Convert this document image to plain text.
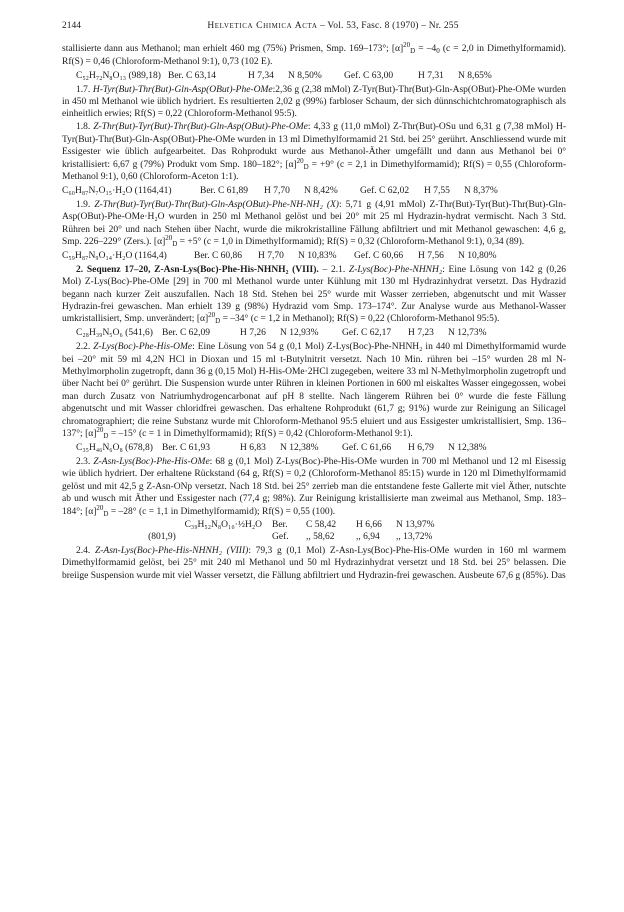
2144	Helvetica Chimica Acta – Vol. 53, Fasc. 8 (1970) – Nr. 255

stallisierte dann aus Methanol; man erhielt 460 mg (75%) Prismen, Smp. 169–173°; $[\alpha]^{20}_D = -4_0$ (c = 2,0 in Dimethylformamid). Rf(S) = 0,46 (Chloroform-Methanol 9:1), 0,73 (102 E).

C₅₂H₇₂N₈O₁₃ (989,18) Ber. C 63,14	H 7,34	N 8,50%	Gef. C 63,00	H 7,31	N 8,65%

1.7. H-Tyr(But)-Thr(But)-Gln-Asp(OBut)-Phe-OMe:2,36 g (2,38 mMol) Z-Tyr(But)-Thr(But)-Gln-Asp(OBut)-Phe-OMe wurden in 450 ml Methanol wie üblich hydriert. Es resultierten 2,02 g (99%) farbloser Schaum, der sich dünnschichtchromatographisch als einheitlich erwies; Rf(S) = 0,22 (Chloroform-Methanol 95:5).

1.8. Z-Thr(But)-Tyr(But)-Thr(But)-Gln-Asp(OBut)-Phe-OMe: 4,33 g (11,0 mMol) Z-Thr(But)-OSu und 6,31 g (7,38 mMol) H-Tyr(But)-Thr(But)-Gln-Asp(OBut)-Phe-OMe wurden in 13 ml Dimethylformamid 21 Std. bei 25° gerührt. Anschliessend wurde mit Essigester wie üblich aufgearbeitet. Das Rohprodukt wurde aus Methanol-Äther umgefällt und dann aus Methanol bei 0° kristallisiert: 6,67 g (79%) Produkt vom Smp. 180–182°; $[\alpha]^{20}_D = +9^\circ$ (c = 2,1 in Dimethylformamid); Rf(S) = 0,55 (Chloroform-Methanol 9:1), 0,60 (Chloroform-Aceton 1:1).

C₆₀H₈₇N₇O₁₅·H₂O (1164,41)	Ber. C 61,89	H 7,70	N 8,42%	Gef. C 62,02	H 7,55	N 8,37%

1.9. Z-Thr(But)-Tyr(But)-Thr(But)-Gln-Asp(OBut)-Phe-NH-NH₂ (X): 5,71 g (4,91 mMol) Z-Thr(But)-Tyr(But)-Thr(But)-Gln-Asp(OBut)-Phe-OMe·H₂O wurden in 250 ml Methanol gelöst und bei 20° mit 25 ml Hydrazin-hydrat vermischt. Nach 3 Std. Rühren bei 20° und nach Stehen über Nacht, wurde die mikrokristalline Fällung abfiltriert und mit Methanol gewaschen: 4,6 g, Smp. 226–229° (Zers.). $[\alpha]^{20}_D = +5^\circ$ (c = 1,0 in Dimethylformamid); Rf(S) = 0,32 (Chloroform-Methanol 9:1), 0,34 (89).

C₅₉H₈₇N₉O₁₄·H₂O (1164,4)	Ber. C 60,86	H 7,70	N 10,83%	Gef. C 60,66	H 7,56	N 10,80%

2. Sequenz 17–20, Z-Asn-Lys(Boc)-Phe-His-NHNH₂ (VIII). – 2.1. Z-Lys(Boc)-Phe-NHNH₂: Eine Lösung von 142 g (0,26 Mol) Z-Lys(Boc)-Phe-OMe [29] in 700 ml Methanol wurde unter Kühlung mit 130 ml Hydrazinhydrat versetzt. Das Hydrazid begann nach kurzer Zeit auszufallen. Nach 18 Std. Stehen bei 25° wurde mit Wasser zerrieben, abgenutscht und mit Wasser Hydrazin-frei gewaschen. Man erhielt 139 g (98%) Hydrazid vom Smp. 173–174°. Zur Analyse wurde aus Methanol-Wasser umkristallisiert, Smp. unverändert; $[\alpha]^{20}_D = -34^\circ$ (c = 1,2 in Methanol); Rf(S) = 0,22 (Chloroform-Methanol 95:5).

C₂₈H₃₉N₅O₆ (541,6) Ber. C 62,09	H 7,26	N 12,93%	Gef. C 62,17	H 7,23	N 12,73%

2.2. Z-Lys(Boc)-Phe-His-OMe: Eine Lösung von 54 g (0,1 Mol) Z-Lys(Boc)-Phe-NHNH₂ in 440 ml Dimethylformamid wurde bei –20° mit 59 ml 4,2N HCl in Dioxan und 15 ml t-Butylnitrit versetzt. Nach 10 Min. rühren bei –15° wurden 28 ml N-Methylmorpholin zugetropft, dann 36 g (0,15 Mol) H-His-OMe·2HCl zugegeben, weitere 33 ml N-Methylmorpholin zugetropft und über Nacht bei 0° gerührt. Die Suspension wurde unter Rühren in kleinen Portionen in 600 ml eiskaltes Wasser eingegossen, wobei man durch Zusatz von Natriumhydrogencarbonat auf pH 8 stellte. Nach längerem Rühren bei 0° wurde die feste Fällung abgenutscht und mit Wasser chloridfrei gewaschen. Das erhaltene Rohprodukt (61,7 g; 91%) wurde zur Reinigung an Silicagel chromatographiert; die reine Substanz wurde mit Chloroform-Methanol 95:5 eluiert und aus Essigester umkristallisiert, Smp. 136–137°; $[\alpha]^{20}_D = -15^\circ$ (c = 1 in Dimethylformamid); Rf(S) = 0,42 (Chloroform-Methanol 9:1).

C₃₅H₄₆N₆O₈ (678,8) Ber. C 61,93	H 6,83	N 12,38%	Gef. C 61,66	H 6,79	N 12,38%

2.3. Z-Asn-Lys(Boc)-Phe-His-OMe: 68 g (0,1 Mol) Z-Lys(Boc)-Phe-His-OMe wurden in 700 ml Methanol und 12 ml Eisessig wie üblich hydriert. Der erhaltene Rückstand (64 g, Rf(S) = 0,2 (Chloroform-Methanol 85:15) wurde in 120 ml Dimethylformamid gelöst und mit 42,5 g Z-Asn-ONp versetzt. Nach 18 Std. bei 25° zerrieb man die entstandene feste Gallerte mit viel Äther, nutschte ab und wusch mit Äther und Essigester nach (77,4 g; 98%). Zur Reinigung kristallisierte man zweimal aus Methanol, Smp. 183–184°; $[\alpha]^{20}_D = -28^\circ$ (c = 1,1 in Dimethylformamid); Rf(S) = 0,55 (100).

C₃₉H₅₂N₈O₁₀·½H₂O	Ber.	C 58,42	H 6,66	N 13,97%
(801,9)	Gef.	,, 58,62	,, 6,94	,, 13,72%

2.4. Z-Asn-Lys(Boc)-Phe-His-NHNH₂ (VIII): 79,3 g (0,1 Mol) Z-Asn-Lys(Boc)-Phe-His-OMe wurden in 160 ml warmem Dimethylformamid gelöst, bei 25° mit 240 ml Methanol und 50 ml Hydrazinhydrat versetzt und 18 Std. bei 25° belassen. Die breiige Suspension wurde mit viel Wasser versetzt, die Fällung abfiltriert und Hydrazin-frei gewaschen. Ausbeute 67,6 g (85%). Das
